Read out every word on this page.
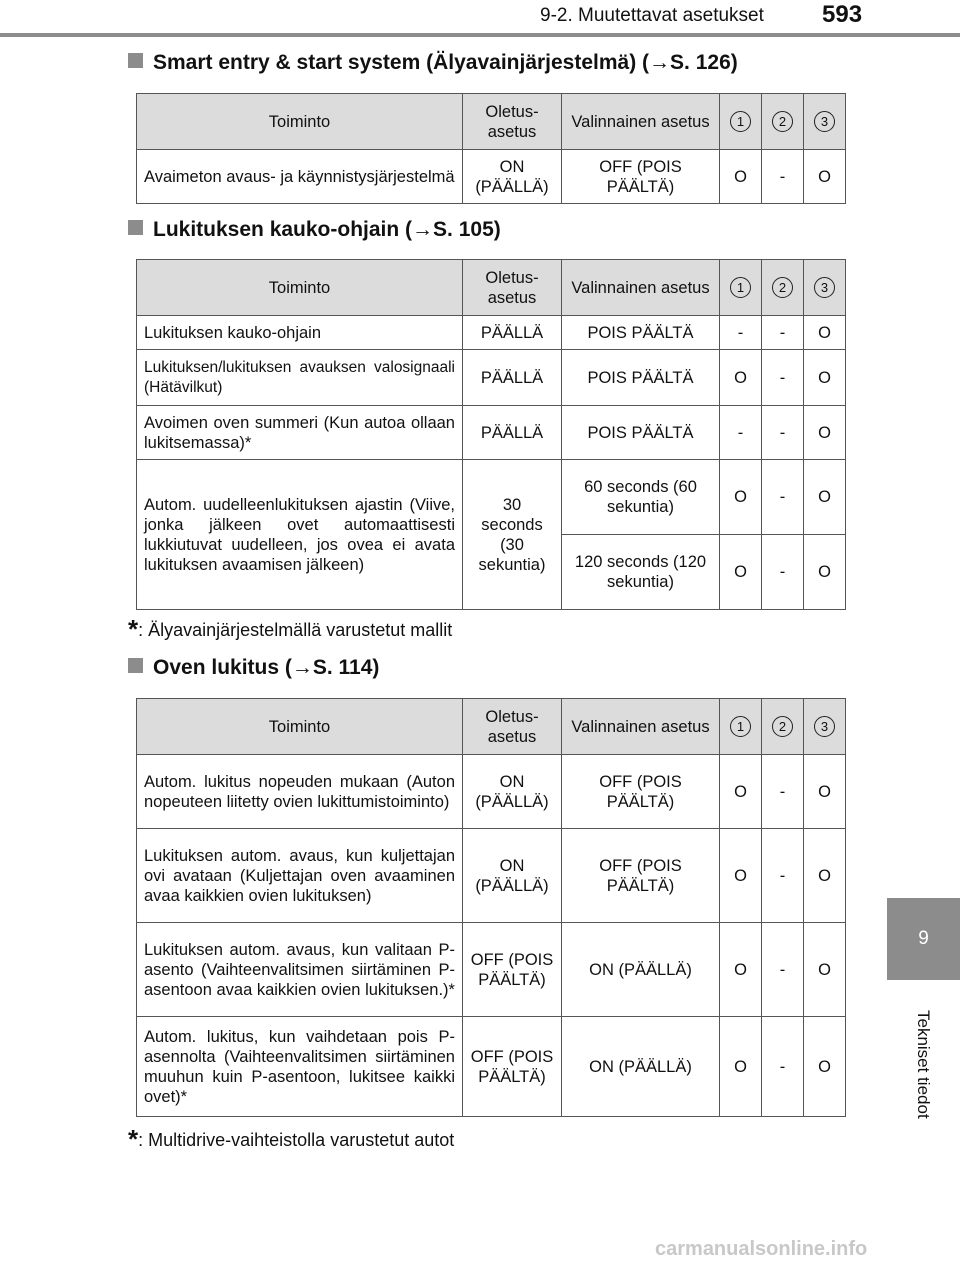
9-2. Muutettavat asetukset 593
9
Tekniset tiedot
Smart entry & start system (Älyavainjärjestelmä) (→S. 126)
Toiminto	Oletus-asetus	Valinnainen asetus	1	2	3
Avaimeton avaus- ja käynnistysjärjestelmä	ON (PÄÄLLÄ)	OFF (POIS PÄÄLTÄ)	O	-	O
Lukituksen kauko-ohjain (→S. 105)
Toiminto	Oletus-asetus	Valinnainen asetus	1	2	3
Lukituksen kauko-ohjain	PÄÄLLÄ	POIS PÄÄLTÄ	-	-	O
Lukituksen/lukituksen avauksen valosignaali (Hätävilkut)	PÄÄLLÄ	POIS PÄÄLTÄ	O	-	O
Avoimen oven summeri (Kun autoa ollaan lukitsemassa)*	PÄÄLLÄ	POIS PÄÄLTÄ	-	-	O
Autom. uudelleenlukituksen ajastin (Viive, jonka jälkeen ovet automaattisesti lukkiutuvat uudelleen, jos ovea ei avata lukituksen avaamisen jälkeen)	30 seconds (30 sekuntia)	60 seconds (60 sekuntia)	O	-	O
		120 seconds (120 sekuntia)	O	-	O
*: Älyavainjärjestelmällä varustetut mallit
Oven lukitus (→S. 114)
Toiminto	Oletus-asetus	Valinnainen asetus	1	2	3
Autom. lukitus nopeuden mukaan (Auton nopeuteen liitetty ovien lukittumistoiminto)	ON (PÄÄLLÄ)	OFF (POIS PÄÄLTÄ)	O	-	O
Lukituksen autom. avaus, kun kuljettajan ovi avataan (Kuljettajan oven avaaminen avaa kaikkien ovien lukituksen)	ON (PÄÄLLÄ)	OFF (POIS PÄÄLTÄ)	O	-	O
Lukituksen autom. avaus, kun valitaan P-asento (Vaihteenvalitsimen siirtäminen P-asentoon avaa kaikkien ovien lukituksen.)*	OFF (POIS PÄÄLTÄ)	ON (PÄÄLLÄ)	O	-	O
Autom. lukitus, kun vaihdetaan pois P-asennolta (Vaihteenvalitsimen siirtäminen muuhun kuin P-asentoon, lukitsee kaikki ovet)*	OFF (POIS PÄÄLTÄ)	ON (PÄÄLLÄ)	O	-	O
*: Multidrive-vaihteistolla varustetut autot
carmanualsonline.info
